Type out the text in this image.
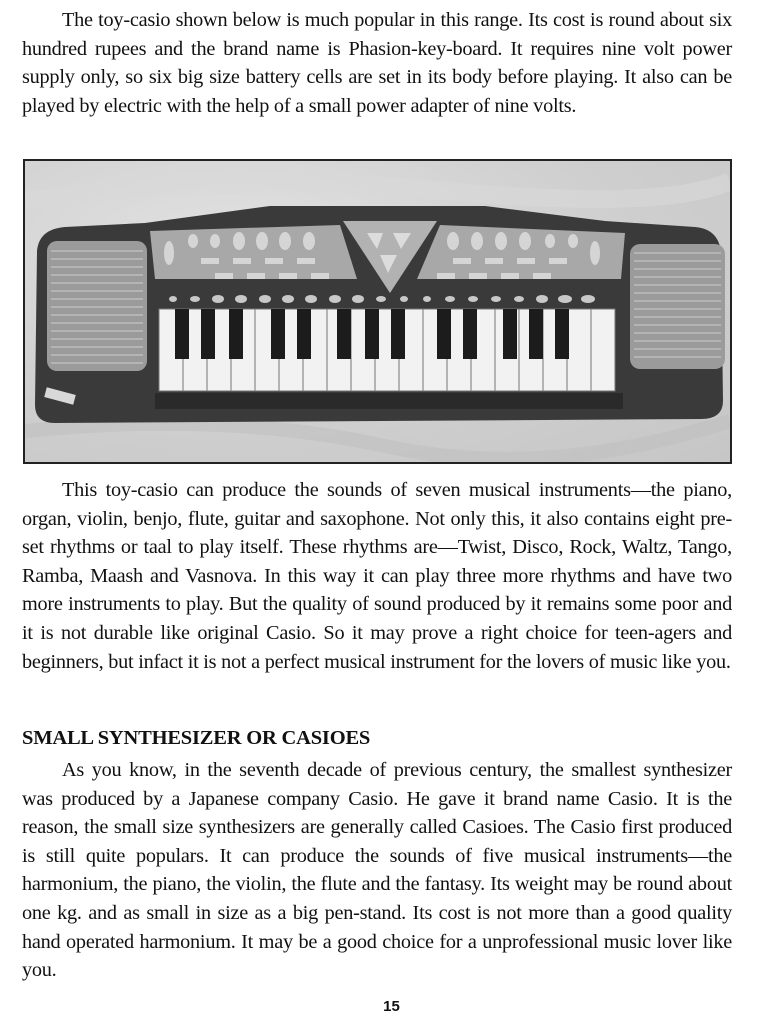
The toy-casio shown below is much popular in this range. Its cost is round about six hundred rupees and the brand name is Phasion-key-board. It requires nine volt power supply only, so six big size battery cells are set in its body before playing. It also can be played by electric with the help of a small power adapter of nine volts.

This toy-casio can produce the sounds of seven musical instruments—the piano, organ, violin, benjo, flute, guitar and saxophone. Not only this, it also contains eight pre-set rhythms or taal to play itself. These rhythms are—Twist, Disco, Rock, Waltz, Tango, Ramba, Maash and Vasnova. In this way it can play three more rhythms and have two more instruments to play. But the quality of sound produced by it remains some poor and it is not durable like original Casio. So it may prove a right choice for teen-agers and beginners, but infact it is not a perfect musical instrument for the lovers of music like you.

SMALL SYNTHESIZER OR CASIOES

As you know, in the seventh decade of previous century, the smallest synthesizer was produced by a Japanese company Casio. He gave it brand name Casio. It is the reason, the small size synthesizers are generally called Casioes. The Casio first produced is still quite populars. It can produce the sounds of five musical instruments—the harmonium, the piano, the violin, the flute and the fantasy. Its weight may be round about one kg. and as small in size as a big pen-stand. Its cost is not more than a good quality hand operated harmonium. It may be a good choice for a unprofessional music lover like you.

15
